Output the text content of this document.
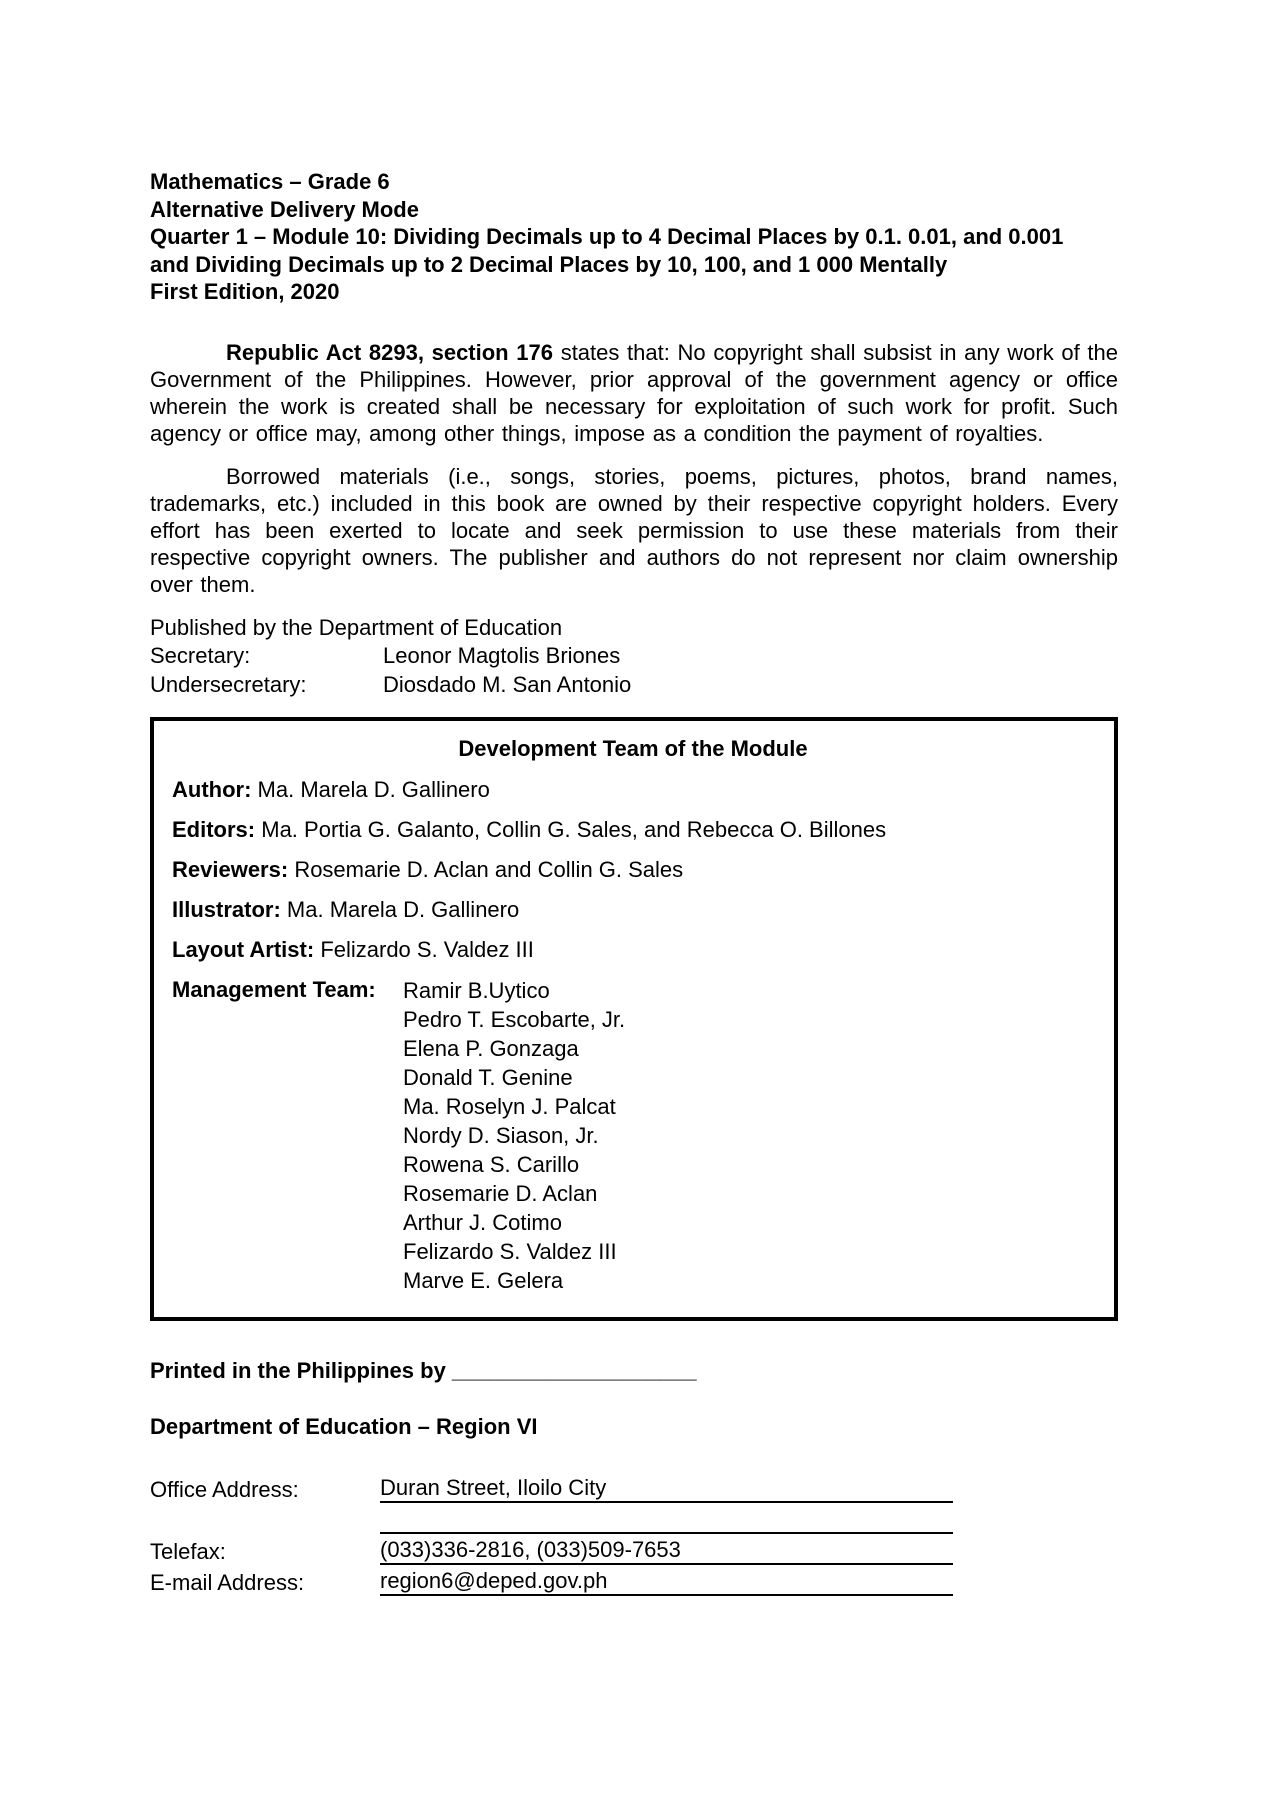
Mathematics – Grade 6
Alternative Delivery Mode
Quarter 1 – Module 10: Dividing Decimals up to 4 Decimal Places by 0.1. 0.01, and 0.001
and Dividing Decimals up to 2 Decimal Places by 10, 100, and 1 000 Mentally
First Edition, 2020

Republic Act 8293, section 176 states that: No copyright shall subsist in any work of the Government of the Philippines. However, prior approval of the government agency or office wherein the work is created shall be necessary for exploitation of such work for profit. Such agency or office may, among other things, impose as a condition the payment of royalties.

Borrowed materials (i.e., songs, stories, poems, pictures, photos, brand names, trademarks, etc.) included in this book are owned by their respective copyright holders. Every effort has been exerted to locate and seek permission to use these materials from their respective copyright owners. The publisher and authors do not represent nor claim ownership over them.

Published by the Department of Education
Secretary:	Leonor Magtolis Briones
Undersecretary:	Diosdado M. San Antonio
Development Team of the Module
Author: Ma. Marela D. Gallinero
Editors: Ma. Portia G. Galanto, Collin G. Sales, and Rebecca O. Billones
Reviewers: Rosemarie D. Aclan and Collin G. Sales
Illustrator: Ma. Marela D. Gallinero
Layout Artist: Felizardo S. Valdez III
Management Team: Ramir B.Uytico
Pedro T. Escobarte, Jr.
Elena P. Gonzaga
Donald T. Genine
Ma. Roselyn J. Palcat
Nordy D. Siason, Jr.
Rowena S. Carillo
Rosemarie D. Aclan
Arthur J. Cotimo
Felizardo S. Valdez III
Marve E. Gelera
Printed in the Philippines by ____________________
Department of Education – Region VI
Office Address:	Duran Street, Iloilo City
Telefax:	(033)336-2816, (033)509-7653
E-mail Address:	region6@deped.gov.ph
